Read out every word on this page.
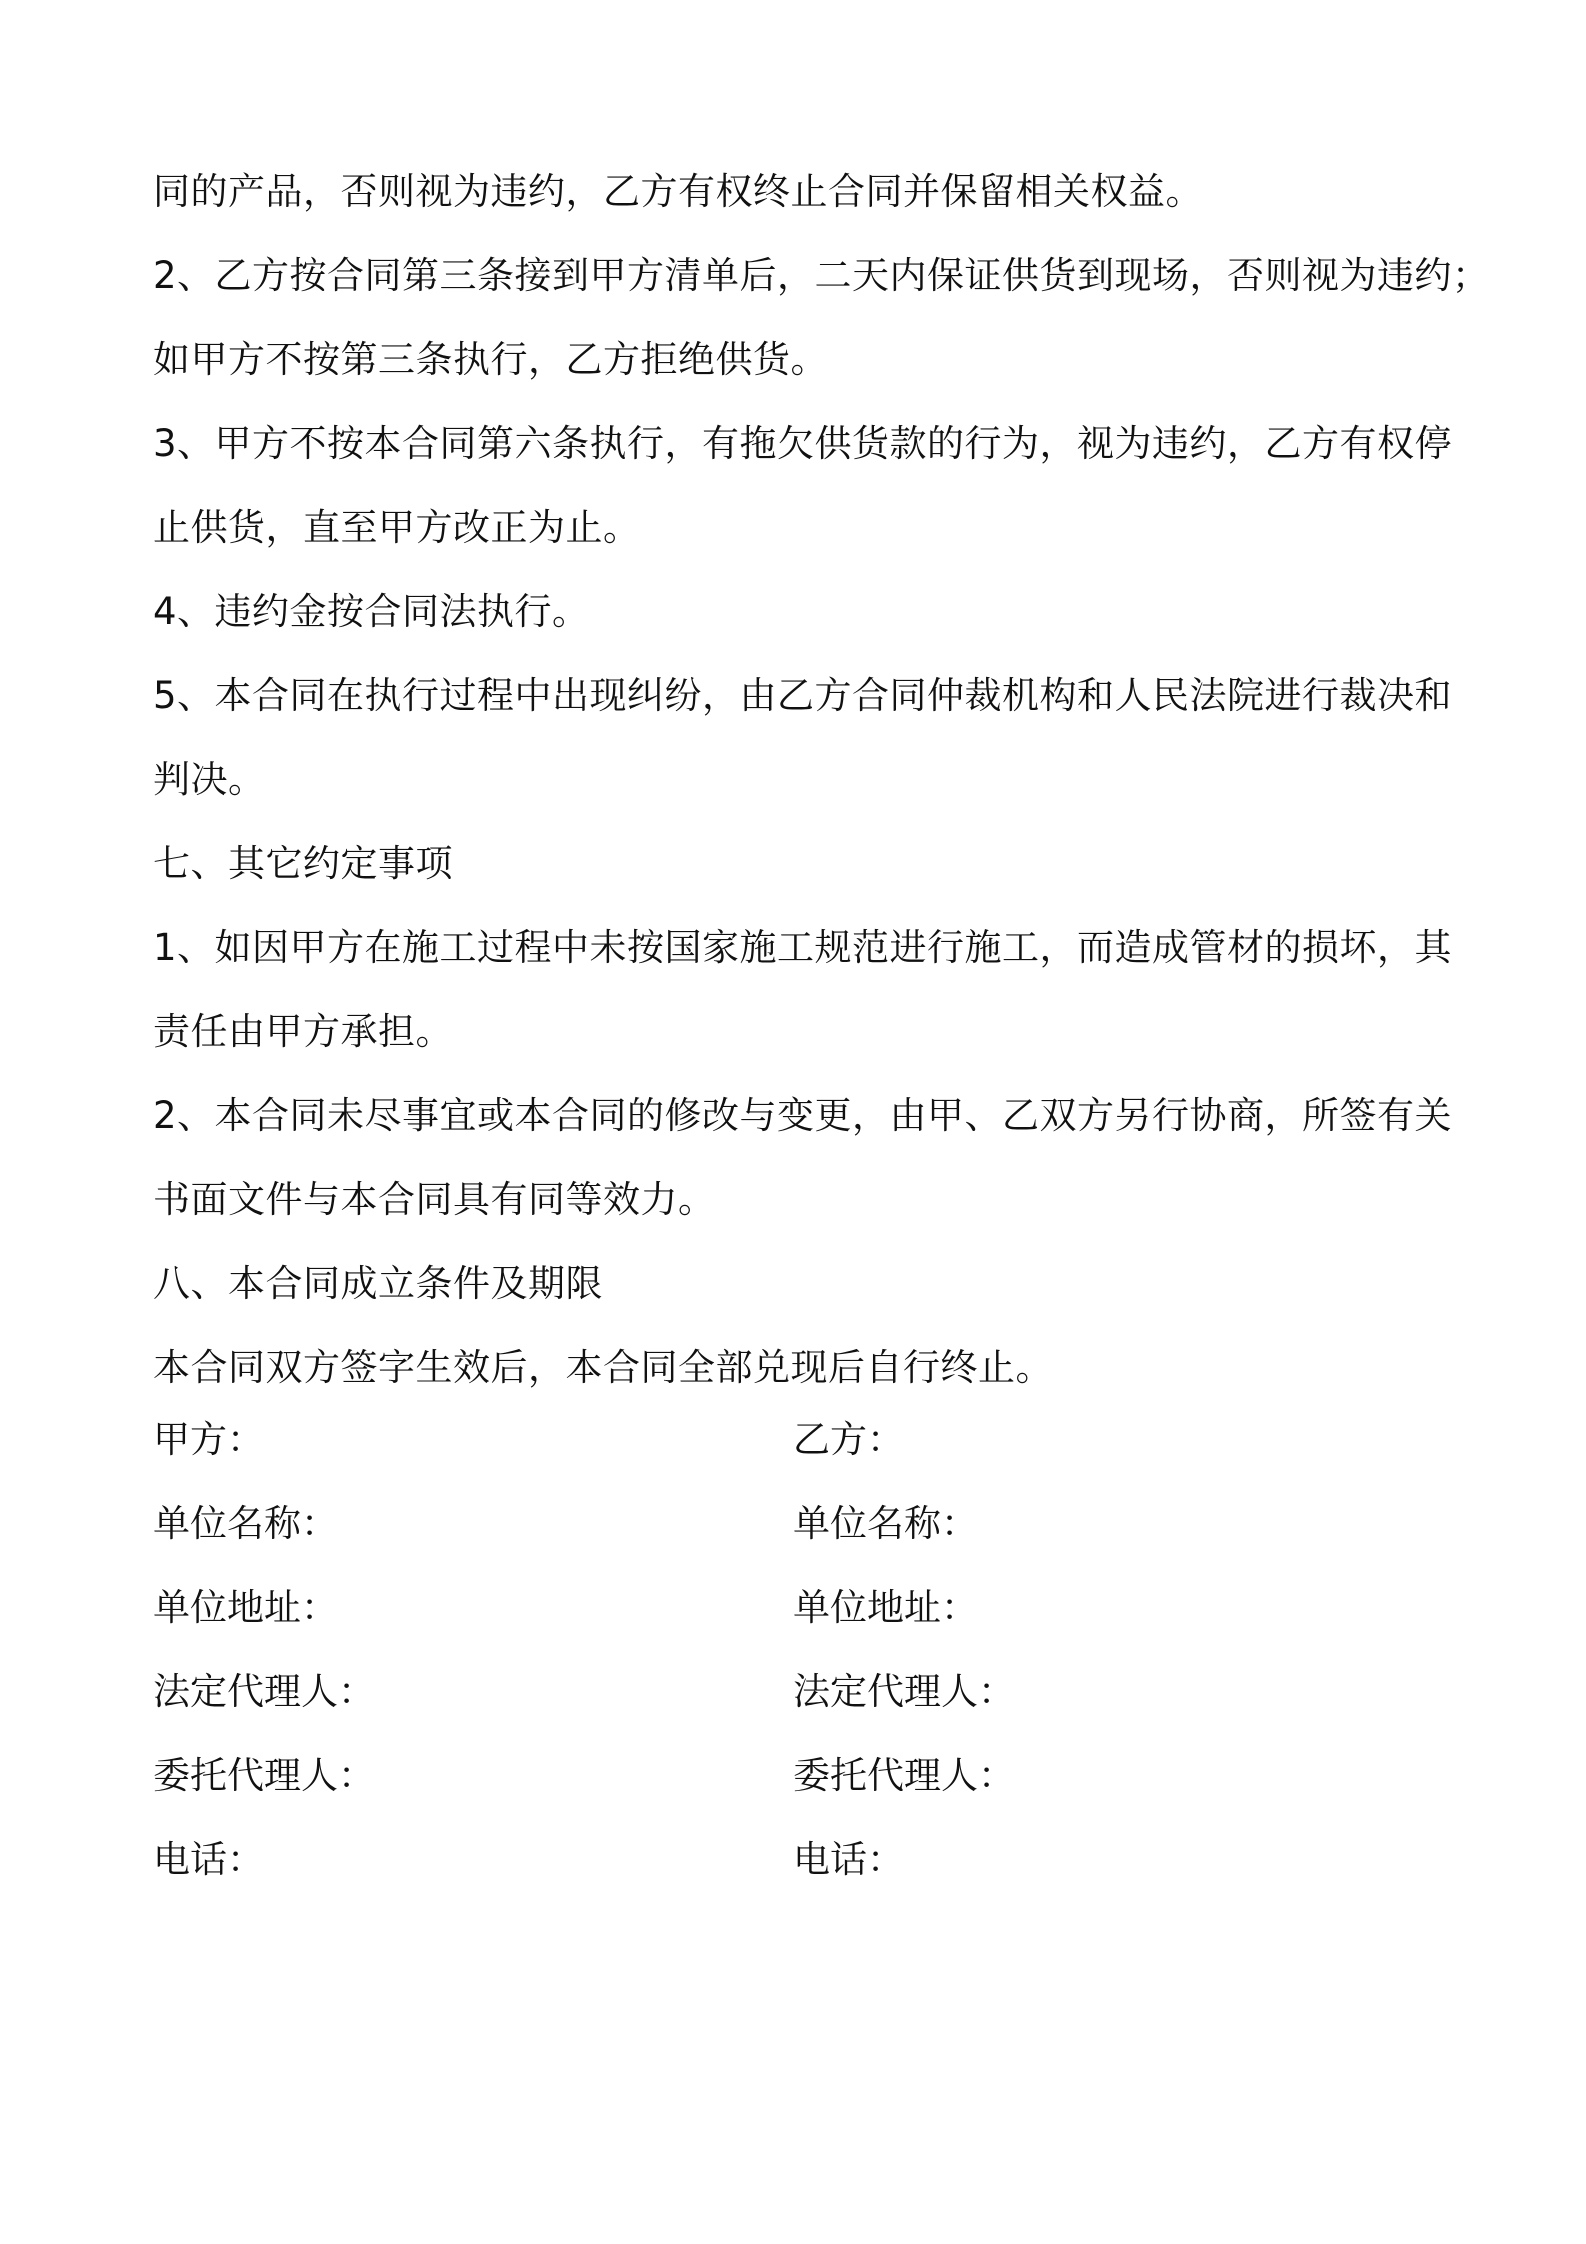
同的产品，否则视为违约，乙方有权终止合同并保留相关权益。
2、乙方按合同第三条接到甲方清单后，二天内保证供货到现场，否则视为违约；
如甲方不按第三条执行，乙方拒绝供货。
3、甲方不按本合同第六条执行，有拖欠供货款的行为，视为违约，乙方有权停
止供货，直至甲方改正为止。
4、违约金按合同法执行。
5、本合同在执行过程中出现纠纷，由乙方合同仲裁机构和人民法院进行裁决和
判决。
七、其它约定事项
1、如因甲方在施工过程中未按国家施工规范进行施工，而造成管材的损坏，其
责任由甲方承担。
2、本合同未尽事宜或本合同的修改与变更，由甲、乙双方另行协商，所签有关
书面文件与本合同具有同等效力。
八、本合同成立条件及期限
本合同双方签字生效后，本合同全部兑现后自行终止。
甲方：	乙方：
单位名称：	单位名称：
单位地址：	单位地址：
法定代理人：	法定代理人：
委托代理人：	委托代理人：
电话：	电话：
